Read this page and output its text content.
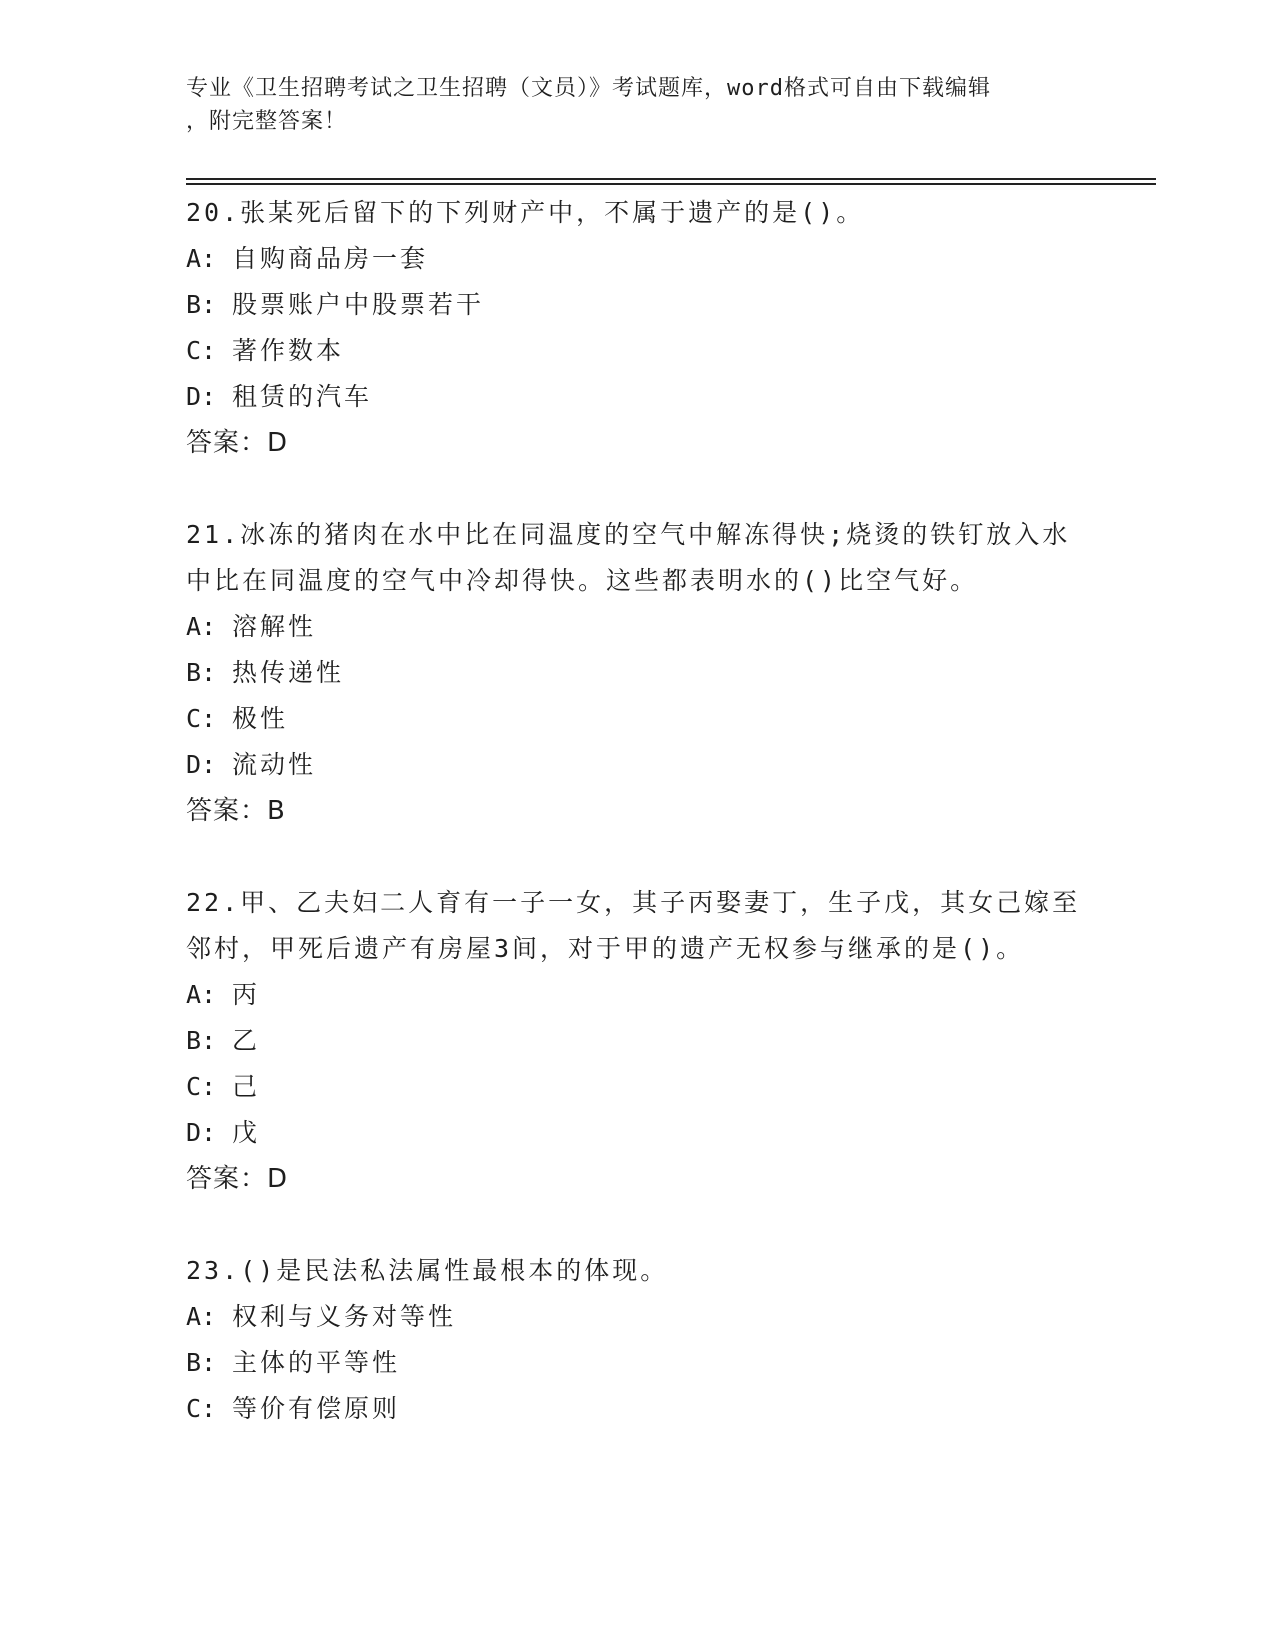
专业《卫生招聘考试之卫生招聘（文员）》考试题库，word格式可自由下载编辑
，附完整答案！
20.张某死后留下的下列财产中，不属于遗产的是()。
A: 自购商品房一套
B: 股票账户中股票若干
C: 著作数本
D: 租赁的汽车
答案：D
21.冰冻的猪肉在水中比在同温度的空气中解冻得快;烧烫的铁钉放入水中比在同温度的空气中冷却得快。这些都表明水的()比空气好。
A: 溶解性
B: 热传递性
C: 极性
D: 流动性
答案：B
22.甲、乙夫妇二人育有一子一女，其子丙娶妻丁，生子戊，其女己嫁至邻村，甲死后遗产有房屋3间，对于甲的遗产无权参与继承的是()。
A: 丙
B: 乙
C: 己
D: 戊
答案：D
23.()是民法私法属性最根本的体现。
A: 权利与义务对等性
B: 主体的平等性
C: 等价有偿原则
